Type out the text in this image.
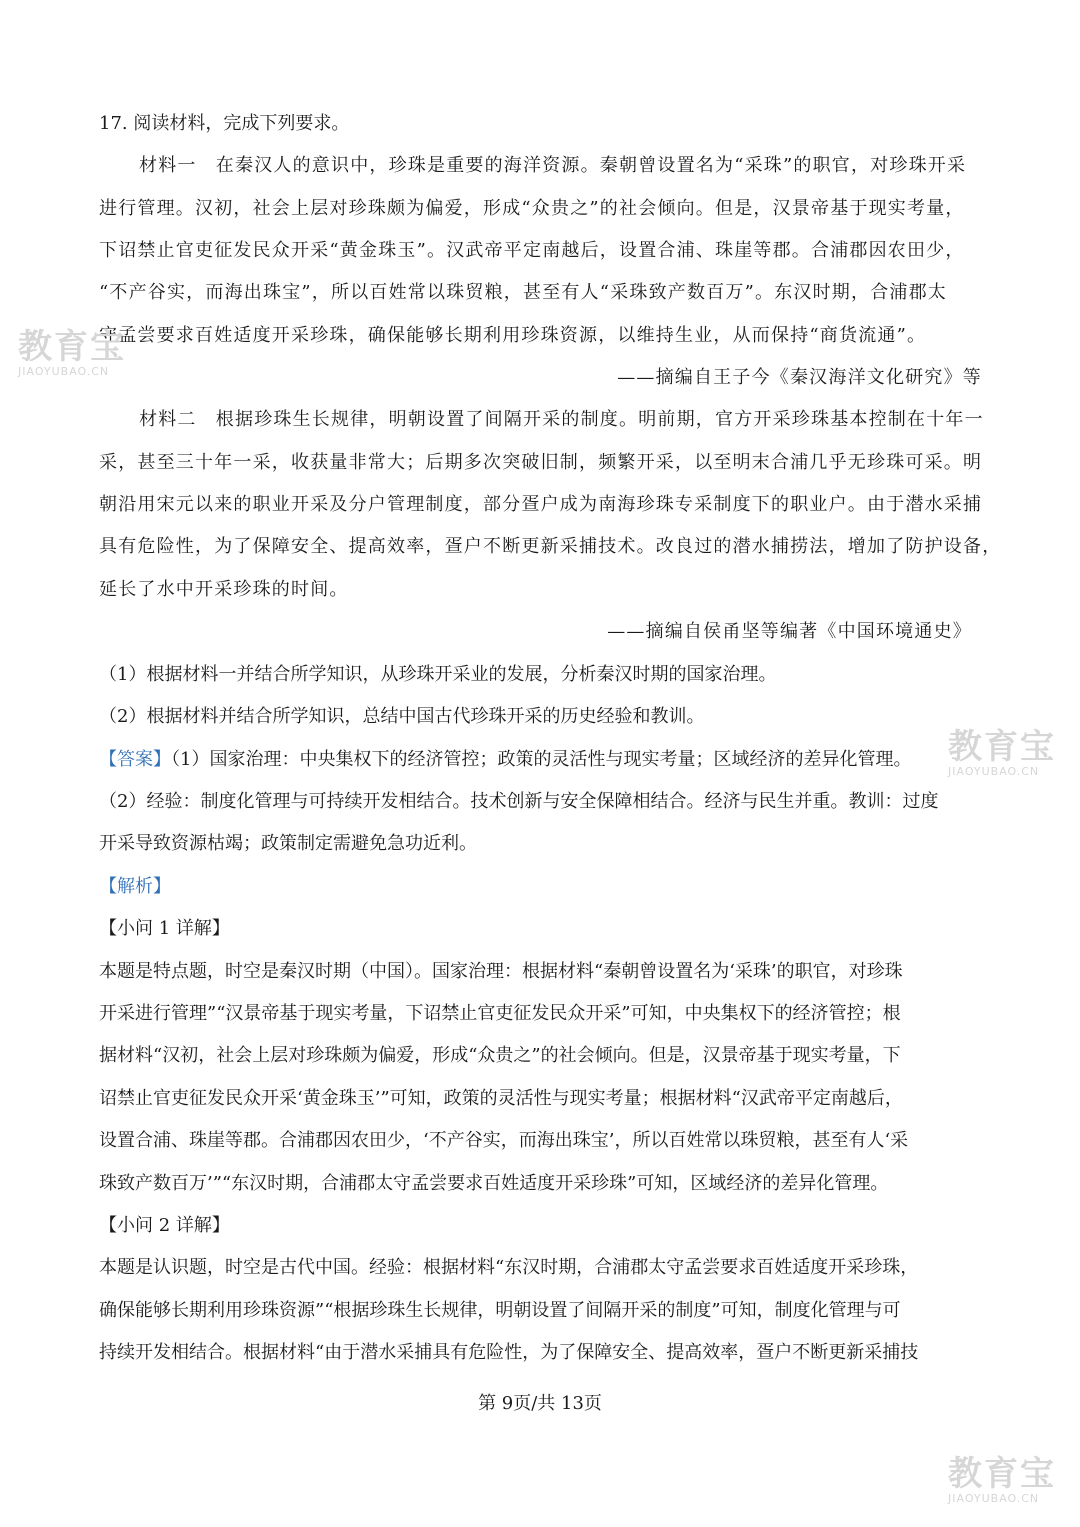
17. 阅读材料，完成下列要求。
材料一　在秦汉人的意识中，珍珠是重要的海洋资源。秦朝曾设置名为“采珠”的职官，对珍珠开采
进行管理。汉初，社会上层对珍珠颇为偏爱，形成“众贵之”的社会倾向。但是，汉景帝基于现实考量，
下诏禁止官吏征发民众开采“黄金珠玉”。汉武帝平定南越后，设置合浦、珠崖等郡。合浦郡因农田少，
“不产谷实，而海出珠宝”，所以百姓常以珠贸粮，甚至有人“采珠致产数百万”。东汉时期，合浦郡太
守孟尝要求百姓适度开采珍珠，确保能够长期利用珍珠资源，以维持生业，从而保持“商货流通”。
——摘编自王子今《秦汉海洋文化研究》等
材料二　根据珍珠生长规律，明朝设置了间隔开采的制度。明前期，官方开采珍珠基本控制在十年一
采，甚至三十年一采，收获量非常大；后期多次突破旧制，频繁开采，以至明末合浦几乎无珍珠可采。明
朝沿用宋元以来的职业开采及分户管理制度，部分疍户成为南海珍珠专采制度下的职业户。由于潜水采捕
具有危险性，为了保障安全、提高效率，疍户不断更新采捕技术。改良过的潜水捕捞法，增加了防护设备，
延长了水中开采珍珠的时间。
——摘编自侯甬坚等编著《中国环境通史》
（1）根据材料一并结合所学知识，从珍珠开采业的发展，分析秦汉时期的国家治理。
（2）根据材料并结合所学知识，总结中国古代珍珠开采的历史经验和教训。
【答案】（1）国家治理：中央集权下的经济管控；政策的灵活性与现实考量；区域经济的差异化管理。
（2）经验：制度化管理与可持续开发相结合。技术创新与安全保障相结合。经济与民生并重。教训：过度
开采导致资源枯竭；政策制定需避免急功近利。
【解析】
【小问 1 详解】
本题是特点题，时空是秦汉时期（中国）。国家治理：根据材料“秦朝曾设置名为‘采珠’的职官，对珍珠
开采进行管理”“汉景帝基于现实考量，下诏禁止官吏征发民众开采”可知，中央集权下的经济管控；根
据材料“汉初，社会上层对珍珠颇为偏爱，形成“众贵之”的社会倾向。但是，汉景帝基于现实考量，下
诏禁止官吏征发民众开采‘黄金珠玉’”可知，政策的灵活性与现实考量；根据材料“汉武帝平定南越后，
设置合浦、珠崖等郡。合浦郡因农田少，‘不产谷实，而海出珠宝’，所以百姓常以珠贸粮，甚至有人‘采
珠致产数百万’”“东汉时期，合浦郡太守孟尝要求百姓适度开采珍珠”可知，区域经济的差异化管理。
【小问 2 详解】
本题是认识题，时空是古代中国。经验：根据材料“东汉时期，合浦郡太守孟尝要求百姓适度开采珍珠，
确保能够长期利用珍珠资源”“根据珍珠生长规律，明朝设置了间隔开采的制度”可知，制度化管理与可
持续开发相结合。根据材料“由于潜水采捕具有危险性，为了保障安全、提高效率，疍户不断更新采捕技
第 9页/共 13页
教育宝
JIAOYUBAO.CN
教育宝
JIAOYUBAO.CN
教育宝
JIAOYUBAO.CN
